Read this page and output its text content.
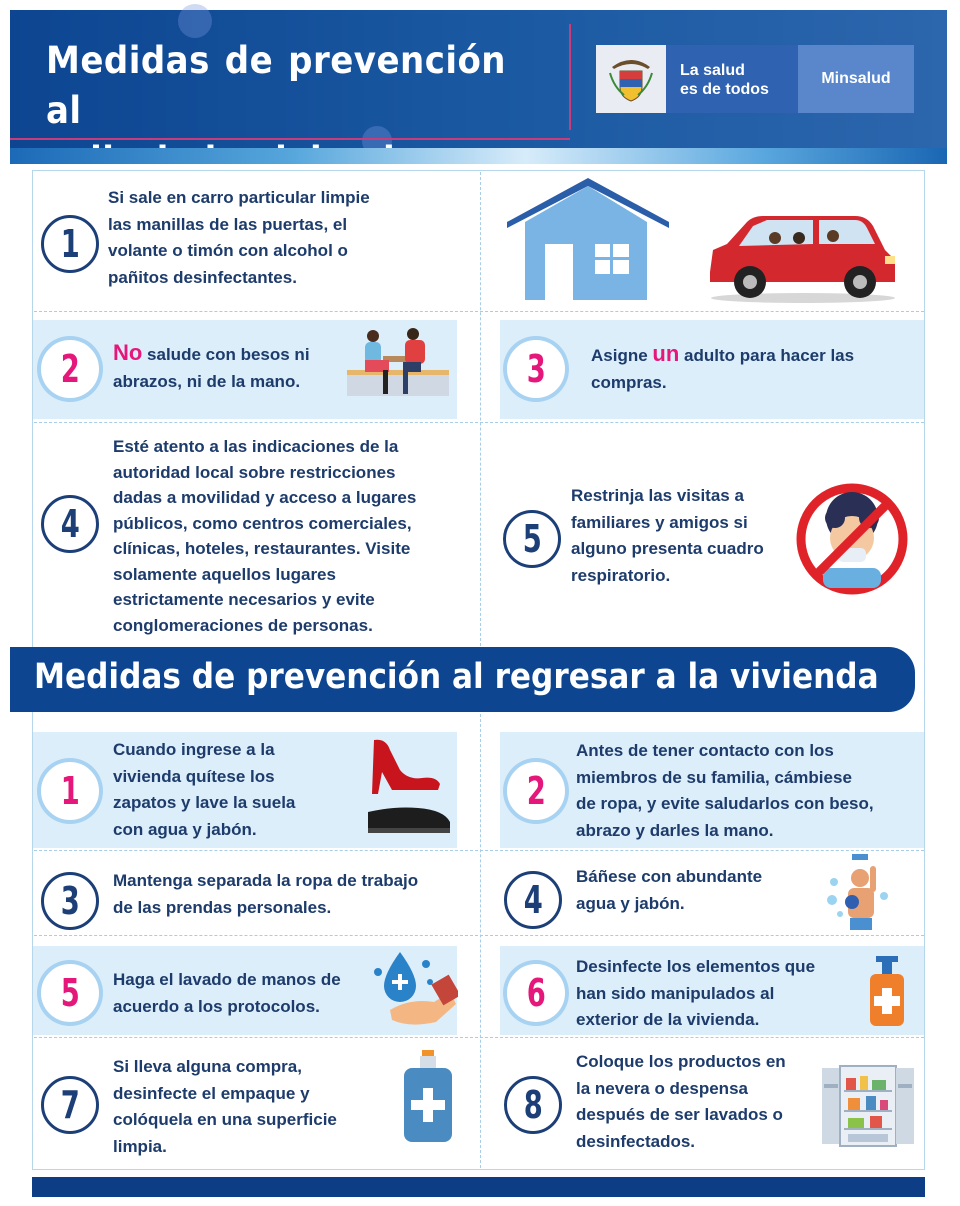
Medidas de prevención al
La salud
es de todos
Minsalud
1
Si sale en carro particular limpie
las manillas de las puertas, el
volante o timón con alcohol o
pañitos desinfectantes.
2 No salude con besos ni
abrazos, ni de la mano.	3	Asigne un adulto para hacer las
compras.
4
Esté atento a las indicaciones de la
autoridad local sobre restricciones
dadas a movilidad y acceso a lugares
públicos, como centros comerciales,
clínicas, hoteles, restaurantes. Visite
solamente aquellos lugares
estrictamente necesarios y evite
conglomeraciones de personas.
5
Restrinja las visitas a
familiares y amigos si
alguno presenta cuadro
respiratorio.
Medidas de prevención al regresar a la vivienda
1
Cuando ingrese a la
vivienda quítese los
zapatos y lave la suela
con agua y jabón.
2
Antes de tener contacto con los
miembros de su familia, cámbiese
de ropa, y evite saludarlos con beso,
abrazo y darles la mano.
3 Mantenga separada la ropa de trabajo
de las prendas personales.	4
Báñese con abundante
agua y jabón.
5 Haga el lavado de manos de
acuerdo a los protocolos.	6
Desinfecte los elementos que
han sido manipulados al
exterior de la vivienda.
7
Si lleva alguna compra,
desinfecte el empaque y
colóquela en una superficie
limpia.
8
Coloque los productos en
la nevera o despensa
después de ser lavados o
desinfectados.
